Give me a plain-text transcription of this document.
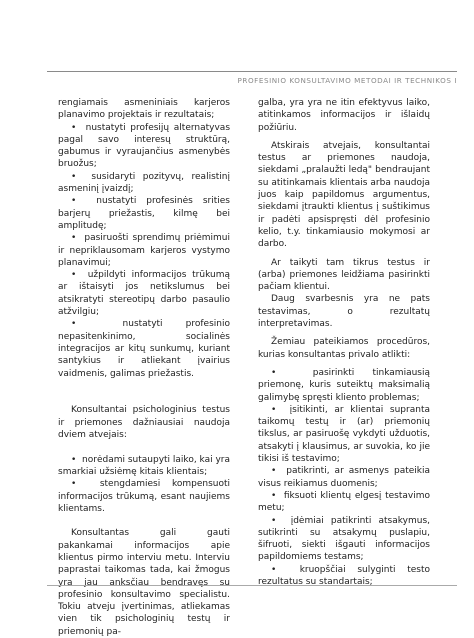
PROFESINIO KONSULTAVIMO METODAI IR TECHNIKOS I

rengiamais asmeniniais karjeros planavimo projektais ir rezultatais;

•  nustatyti profesijų alternatyvas pagal savo interesų struktūrą, gabumus ir vyraujančius asmenybės bruožus;

•  susidaryti pozityvų, realistinį asmeninį įvaizdį;

•  nustatyti profesinės srities barjerų priežastis, kilmę bei amplitudę;

•  pasiruošti sprendimų priėmimui ir nepriklausomam karjeros vystymo planavimui;

•  užpildyti informacijos trūkumą ar ištaisyti jos netikslumus bei atsikratyti stereotipų darbo pasaulio atžvilgiu;

•  nustatyti profesinio nepasitenkinimo, socialinės integracijos ar kitų sunkumų, kuriant santykius ir atliekant įvairius vaidmenis, galimas priežastis.

Konsultantai psichologinius testus ir priemones dažniausiai naudoja dviem atvejais:

•  norėdami sutaupyti laiko, kai yra smarkiai užsiėmę kitais klientais;

•  stengdamiesi kompensuoti informacijos trūkumą, esant naujiems klientams.

Konsultantas gali gauti pakankamai informacijos apie klientus pirmo interviu metu. Interviu paprastai taikomas tada, kai žmogus yra jau anksčiau bendravęs su profesinio konsultavimo specialistu. Tokiu atveju įvertinimas, atliekamas vien tik psichologinių testų ir priemonių pa-

galba, yra yra ne itin efektyvus laiko, atitinkamos informacijos ir išlaidų požiūriu.

Atskirais atvejais, konsultantai testus ar priemones naudoja, siekdami „pralaužti ledą" bendraujant su atitinkamais klientais arba naudoja juos kaip papildomus argumentus, siekdami įtraukti klientus į suštikimus ir padėti apsispręsti dėl profesinio kelio, t.y. tinkamiausio mokymosi ar darbo.

Ar taikyti tam tikrus testus ir (arba) priemones leidžiama pasirinkti pačiam klientui.

Daug svarbesnis yra ne pats testavimas, o rezultatų interpretavimas.

Žemiau pateikiamos procedūros, kurias konsultantas privalo atlikti:

•  pasirinkti tinkamiausią priemonę, kuris suteiktų maksimalią galimybę spręsti kliento problemas;

•  įsitikinti, ar klientai supranta taikomų testų ir (ar) priemonių tikslus, ar pasiruošę vykdyti užduotis, atsakyti į klausimus, ar suvokia, ko jie tikisi iš testavimo;

•  patikrinti, ar asmenys pateikia visus reikiamus duomenis;

•  fiksuoti klientų elgesį testavimo metu;

•  įdėmiai patikrinti atsakymus, sutikrinti su atsakymų puslapiu, šifruoti, siekti išgauti informacijos papildomiems testams;

•  kruopščiai sulyginti testo rezultatus su standartais;
